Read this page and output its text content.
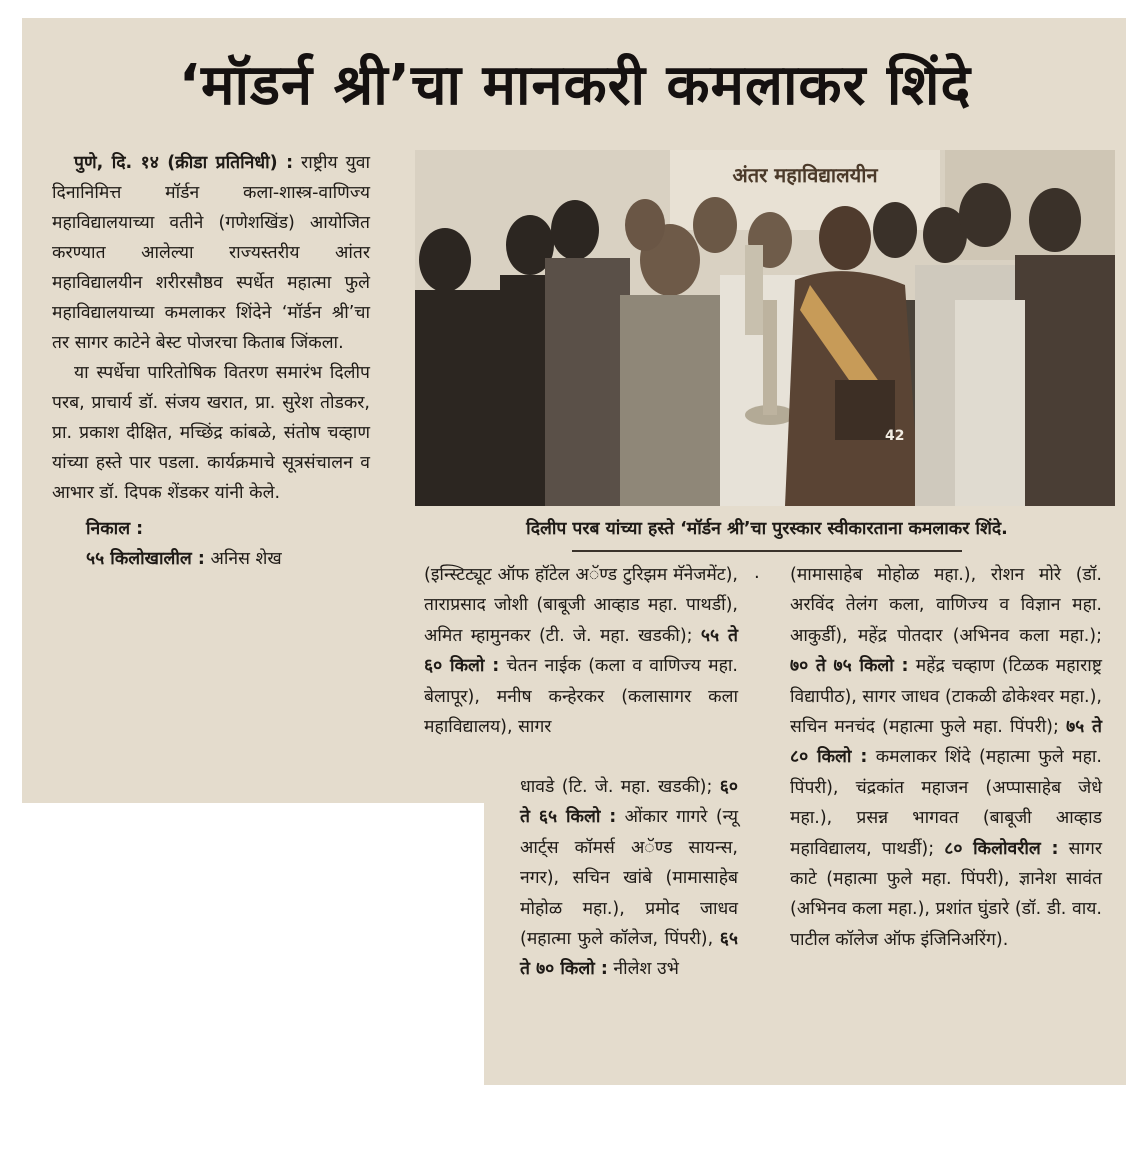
‘मॉडर्न श्री’चा मानकरी कमलाकर शिंदे

पुणे, दि. १४ (क्रीडा प्रतिनिधी) : राष्ट्रीय युवा दिनानिमित्त मॉर्डन कला-शास्त्र-वाणिज्य महाविद्यालयाच्या वतीने (गणेशखिंड) आयोजित करण्यात आलेल्या राज्यस्तरीय आंतर महाविद्यालयीन शरीरसौष्ठव स्पर्धेत महात्मा फुले महाविद्यालयाच्या कमलाकर शिंदेने ‘मॉर्डन श्री’चा तर सागर काटेने बेस्ट पोजरचा किताब जिंकला.

या स्पर्धेचा पारितोषिक वितरण समारंभ दिलीप परब, प्राचार्य डॉ. संजय खरात, प्रा. सुरेश तोडकर, प्रा. प्रकाश दीक्षित, मच्छिंद्र कांबळे, संतोष चव्हाण यांच्या हस्ते पार पडला. कार्यक्रमाचे सूत्रसंचालन व आभार डॉ. दिपक शेंडकर यांनी केले.

निकाल :

५५ किलोखालील : अनिस शेख

अंतर महाविद्यालयीन
42
दिलीप परब यांच्या हस्ते ‘मॉर्डन श्री’चा पुरस्कार स्वीकारताना कमलाकर शिंदे.
.
(इन्स्टिट्यूट ऑफ हॉटेल अॅण्ड टुरिझम मॅनेजमेंट), ताराप्रसाद जोशी (बाबूजी आव्हाड महा. पाथर्डी), अमित म्हामुनकर (टी. जे. महा. खडकी); ५५ ते ६० किलो : चेतन नाईक (कला व वाणिज्य महा. बेलापूर), मनीष कन्हेरकर (कलासागर कला महाविद्यालय), सागर
धावडे (टि. जे. महा. खडकी); ६० ते ६५ किलो : ओंकार गागरे (न्यू आर्ट्स कॉमर्स अॅण्ड सायन्स, नगर), सचिन खांबे (मामासाहेब मोहोळ महा.), प्रमोद जाधव (महात्मा फुले कॉलेज, पिंपरी), ६५ ते ७० किलो : नीलेश उभे
(मामासाहेब मोहोळ महा.), रोशन मोरे (डॉ. अरविंद तेलंग कला, वाणिज्य व विज्ञान महा. आकुर्डी), महेंद्र पोतदार (अभिनव कला महा.); ७० ते ७५ किलो : महेंद्र चव्हाण (टिळक महाराष्ट्र विद्यापीठ), सागर जाधव (टाकळी ढोकेश्वर महा.), सचिन मनचंद (महात्मा फुले महा. पिंपरी); ७५ ते ८० किलो : कमलाकर शिंदे (महात्मा फुले महा. पिंपरी), चंद्रकांत महाजन (अप्पासाहेब जेधे महा.), प्रसन्न भागवत (बाबूजी आव्हाड महाविद्यालय, पाथर्डी); ८० किलोवरील : सागर काटे (महात्मा फुले महा. पिंपरी), ज्ञानेश सावंत (अभिनव कला महा.), प्रशांत घुंडारे (डॉ. डी. वाय. पाटील कॉलेज ऑफ इंजिनिअरिंग).
